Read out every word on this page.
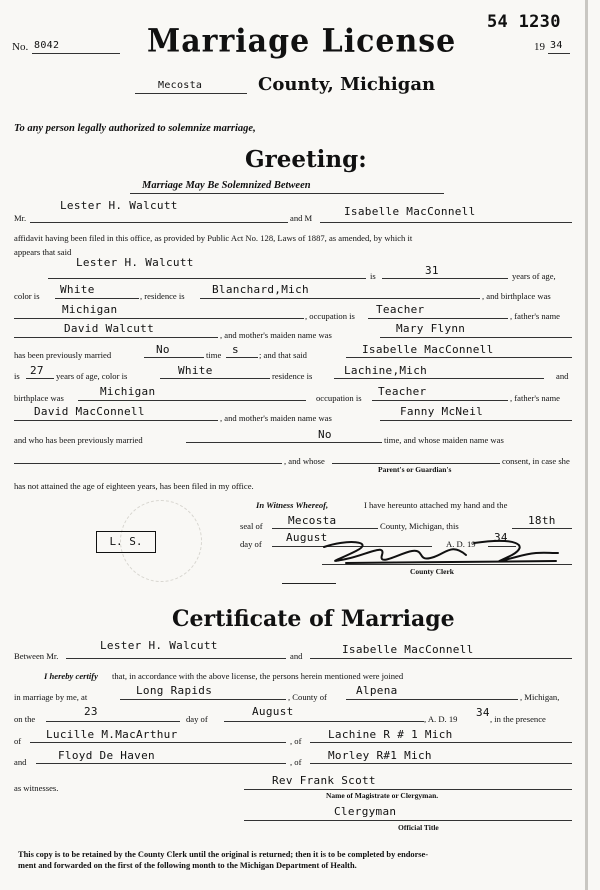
54 1230
No. 8042	Marriage License	19 34
Mecosta	County, Michigan
To any person legally authorized to solemnize marriage,
Greeting:
Marriage May Be Solemnized Between
Mr.
Lester H. Walcutt
and M	Isabelle MacConnell
affidavit having been filed in this office, as provided by Public Act No. 128, Laws of 1887, as amended, by which it
appears that said
Lester H. Walcutt
is	31	years of age,
color is White	, residence is Blanchard,Mich	, and birthplace was
Michigan	, occupation is Teacher	, father's name
David Walcutt	, and mother's maiden name was	Mary Flynn
has been previously married	No	time s ; and that said	Isabelle MacConnell
is 27 years of age, color is	White	residence is	Lachine,Mich	and
birthplace was	Michigan	occupation is Teacher	, father's name
David MacConnell	, and mother's maiden name was	Fanny McNeil
and who has been previously married	No	time, and whose maiden name was
, and whose
Parent's or Guardian's
consent, in case she
has not attained the age of eighteen years, has been filed in my office.
In Witness Whereof,	I have hereunto attached my hand and the
seal of Mecosta	County, Michigan, this	18th
day of August	A. D. 19 34
County Clerk
L. S.
Certificate of Marriage
Between Mr.
Lester H. Walcutt
and	Isabelle MacConnell
I hereby certify that, in accordance with the above license, the persons herein mentioned were joined
in marriage by me, at	Long Rapids	, County of	Alpena	, Michigan,
on the
23
day of
August
, A. D. 19 34 , in the presence
of Lucille M.MacArthur	, of Lachine R # 1 Mich
and	Floyd De Haven	, of Morley R#1 Mich
as witnesses.
Rev Frank Scott
Name of Magistrate or Clergyman.
Clergyman
Official Title
This copy is to be retained by the County Clerk until the original is returned; then it is to be completed by endorse-
ment and forwarded on the first of the following month to the Michigan Department of Health.
